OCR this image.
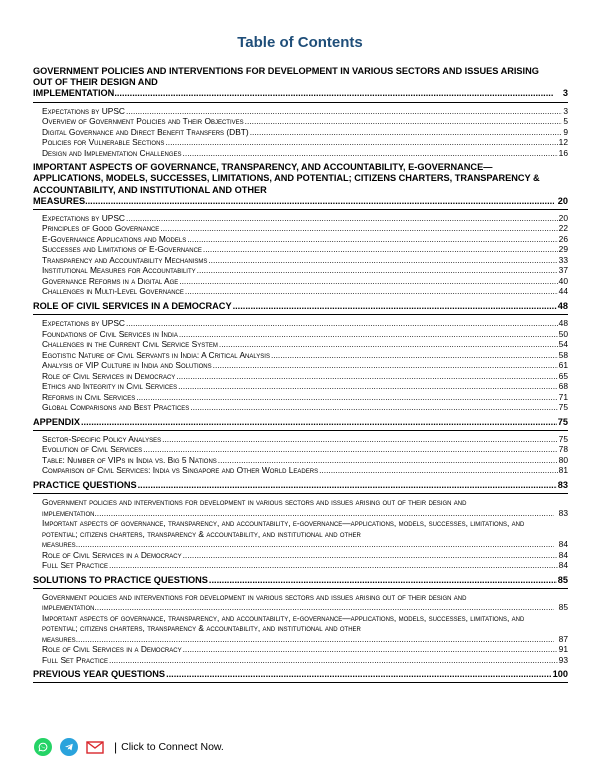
Table of Contents
GOVERNMENT POLICIES AND INTERVENTIONS FOR DEVELOPMENT IN VARIOUS SECTORS AND ISSUES ARISING OUT OF THEIR DESIGN AND IMPLEMENTATION .....	3
Expectations by UPSC .....	3
Overview of Government Policies and Their Objectives .....	5
Digital Governance and Direct Benefit Transfers (DBT) .....	9
Policies for Vulnerable Sections .....	12
Design and Implementation Challenges .....	16
IMPORTANT ASPECTS OF GOVERNANCE, TRANSPARENCY, AND ACCOUNTABILITY, E-GOVERNANCE—APPLICATIONS, MODELS, SUCCESSES, LIMITATIONS, AND POTENTIAL; CITIZENS CHARTERS, TRANSPARENCY & ACCOUNTABILITY, AND INSTITUTIONAL AND OTHER MEASURES .....	20
Expectations by UPSC .....	20
Principles of Good Governance .....	22
E-Governance Applications and Models .....	26
Successes and Limitations of E-Governance .....	29
Transparency and Accountability Mechanisms .....	33
Institutional Measures for Accountability .....	37
Governance Reforms in a Digital Age .....	40
Challenges in Multi-Level Governance .....	44
ROLE OF CIVIL SERVICES IN A DEMOCRACY .....	48
Expectations by UPSC .....	48
Foundations of Civil Services in India .....	50
Challenges in the Current Civil Service System .....	54
Egotistic Nature of Civil Servants in India: A Critical Analysis .....	58
Analysis of VIP Culture in India and Solutions .....	61
Role of Civil Services in Democracy .....	65
Ethics and Integrity in Civil Services .....	68
Reforms in Civil Services .....	71
Global Comparisons and Best Practices .....	75
APPENDIX .....	75
Sector-Specific Policy Analyses .....	75
Evolution of Civil Services .....	78
Table: Number of VIPs in India vs. Big 5 Nations .....	80
Comparison of Civil Services: India vs Singapore and Other World Leaders .....	81
PRACTICE QUESTIONS .....	83
Government policies and interventions for development in various sectors and issues arising out of their design and implementation .....	83
Important aspects of governance, transparency, and accountability, e-governance—applications, models, successes, limitations, and potential; citizens charters, transparency & accountability, and institutional and other measures .....	84
Role of Civil Services in a Democracy .....	84
Full Set Practice .....	84
SOLUTIONS TO PRACTICE QUESTIONS .....	85
Government policies and interventions for development in various sectors and issues arising out of their design and implementation .....	85
Important aspects of governance, transparency, and accountability, e-governance—applications, models, successes, limitations, and potential; citizens charters, transparency & accountability, and institutional and other measures .....	87
Role of Civil Services in a Democracy .....	91
Full Set Practice .....	93
PREVIOUS YEAR QUESTIONS .....	100
| Click to Connect Now.
